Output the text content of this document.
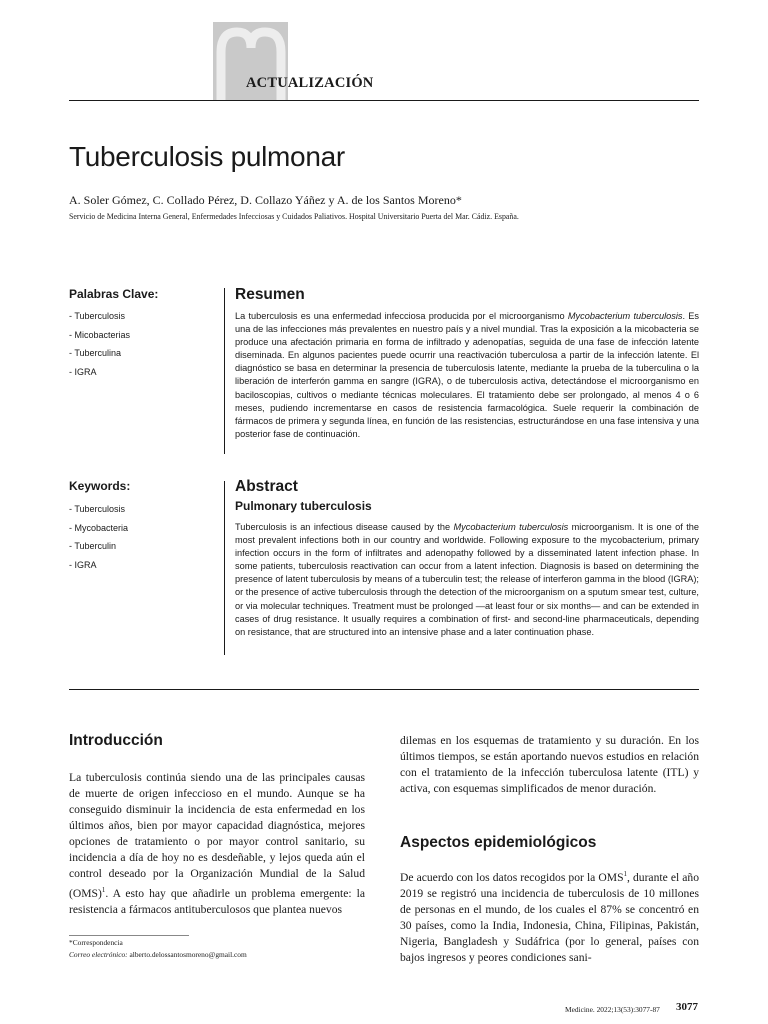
ACTUALIZACIÓN
Tuberculosis pulmonar
A. Soler Gómez, C. Collado Pérez, D. Collazo Yáñez y A. de los Santos Moreno*
Servicio de Medicina Interna General, Enfermedades Infecciosas y Cuidados Paliativos. Hospital Universitario Puerta del Mar. Cádiz. España.
Palabras Clave:
- Tuberculosis
- Micobacterias
- Tuberculina
- IGRA
Resumen

La tuberculosis es una enfermedad infecciosa producida por el microorganismo Mycobacterium tuberculosis. Es una de las infecciones más prevalentes en nuestro país y a nivel mundial. Tras la exposición a la micobacteria se produce una afectación primaria en forma de infiltrado y adenopatías, seguida de una fase de infección latente diseminada. En algunos pacientes puede ocurrir una reactivación tuberculosa a partir de la infección latente. El diagnóstico se basa en determinar la presencia de tuberculosis latente, mediante la prueba de la tuberculina o la liberación de interferón gamma en sangre (IGRA), o de tuberculosis activa, detectándose el microorganismo en baciloscopias, cultivos o mediante técnicas moleculares. El tratamiento debe ser prolongado, al menos 4 o 6 meses, pudiendo incrementarse en casos de resistencia farmacológica. Suele requerir la combinación de fármacos de primera y segunda línea, en función de las resistencias, estructurándose en una fase intensiva y una posterior fase de continuación.

Keywords:
- Tuberculosis
- Mycobacteria
- Tuberculin
- IGRA
Abstract
Pulmonary tuberculosis

Tuberculosis is an infectious disease caused by the Mycobacterium tuberculosis microorganism. It is one of the most prevalent infections both in our country and worldwide. Following exposure to the mycobacterium, primary infection occurs in the form of infiltrates and adenopathy followed by a disseminated latent infection phase. In some patients, tuberculosis reactivation can occur from a latent infection. Diagnosis is based on determining the presence of latent tuberculosis by means of a tuberculin test; the release of interferon gamma in the blood (IGRA); or the presence of active tuberculosis through the detection of the microorganism on a sputum smear test, culture, or via molecular techniques. Treatment must be prolonged —at least four or six months— and can be extended in cases of drug resistance. It usually requires a combination of first- and second-line pharmaceuticals, depending on resistance, that are structured into an intensive phase and a later continuation phase.

Introducción

La tuberculosis continúa siendo una de las principales causas de muerte de origen infeccioso en el mundo. Aunque se ha conseguido disminuir la incidencia de esta enfermedad en los últimos años, bien por mayor capacidad diagnóstica, mejores opciones de tratamiento o por mayor control sanitario, su incidencia a día de hoy no es desdeñable, y lejos queda aún el control deseado por la Organización Mundial de la Salud (OMS)$^1$. A esto hay que añadirle un problema emergente: la resistencia a fármacos antituberculosos que plantea nuevos

*Correspondencia
Correo electrónico: alberto.delossantosmoreno@gmail.com

dilemas en los esquemas de tratamiento y su duración. En los últimos tiempos, se están aportando nuevos estudios en relación con el tratamiento de la infección tuberculosa latente (ITL) y activa, con esquemas simplificados de menor duración.

Aspectos epidemiológicos

De acuerdo con los datos recogidos por la OMS$^1$, durante el año 2019 se registró una incidencia de tuberculosis de 10 millones de personas en el mundo, de los cuales el 87% se concentró en 30 países, como la India, Indonesia, China, Filipinas, Pakistán, Nigeria, Bangladesh y Sudáfrica (por lo general, países con bajos ingresos y peores condiciones sani-

Medicine. 2022;13(53):3077-87 3077
